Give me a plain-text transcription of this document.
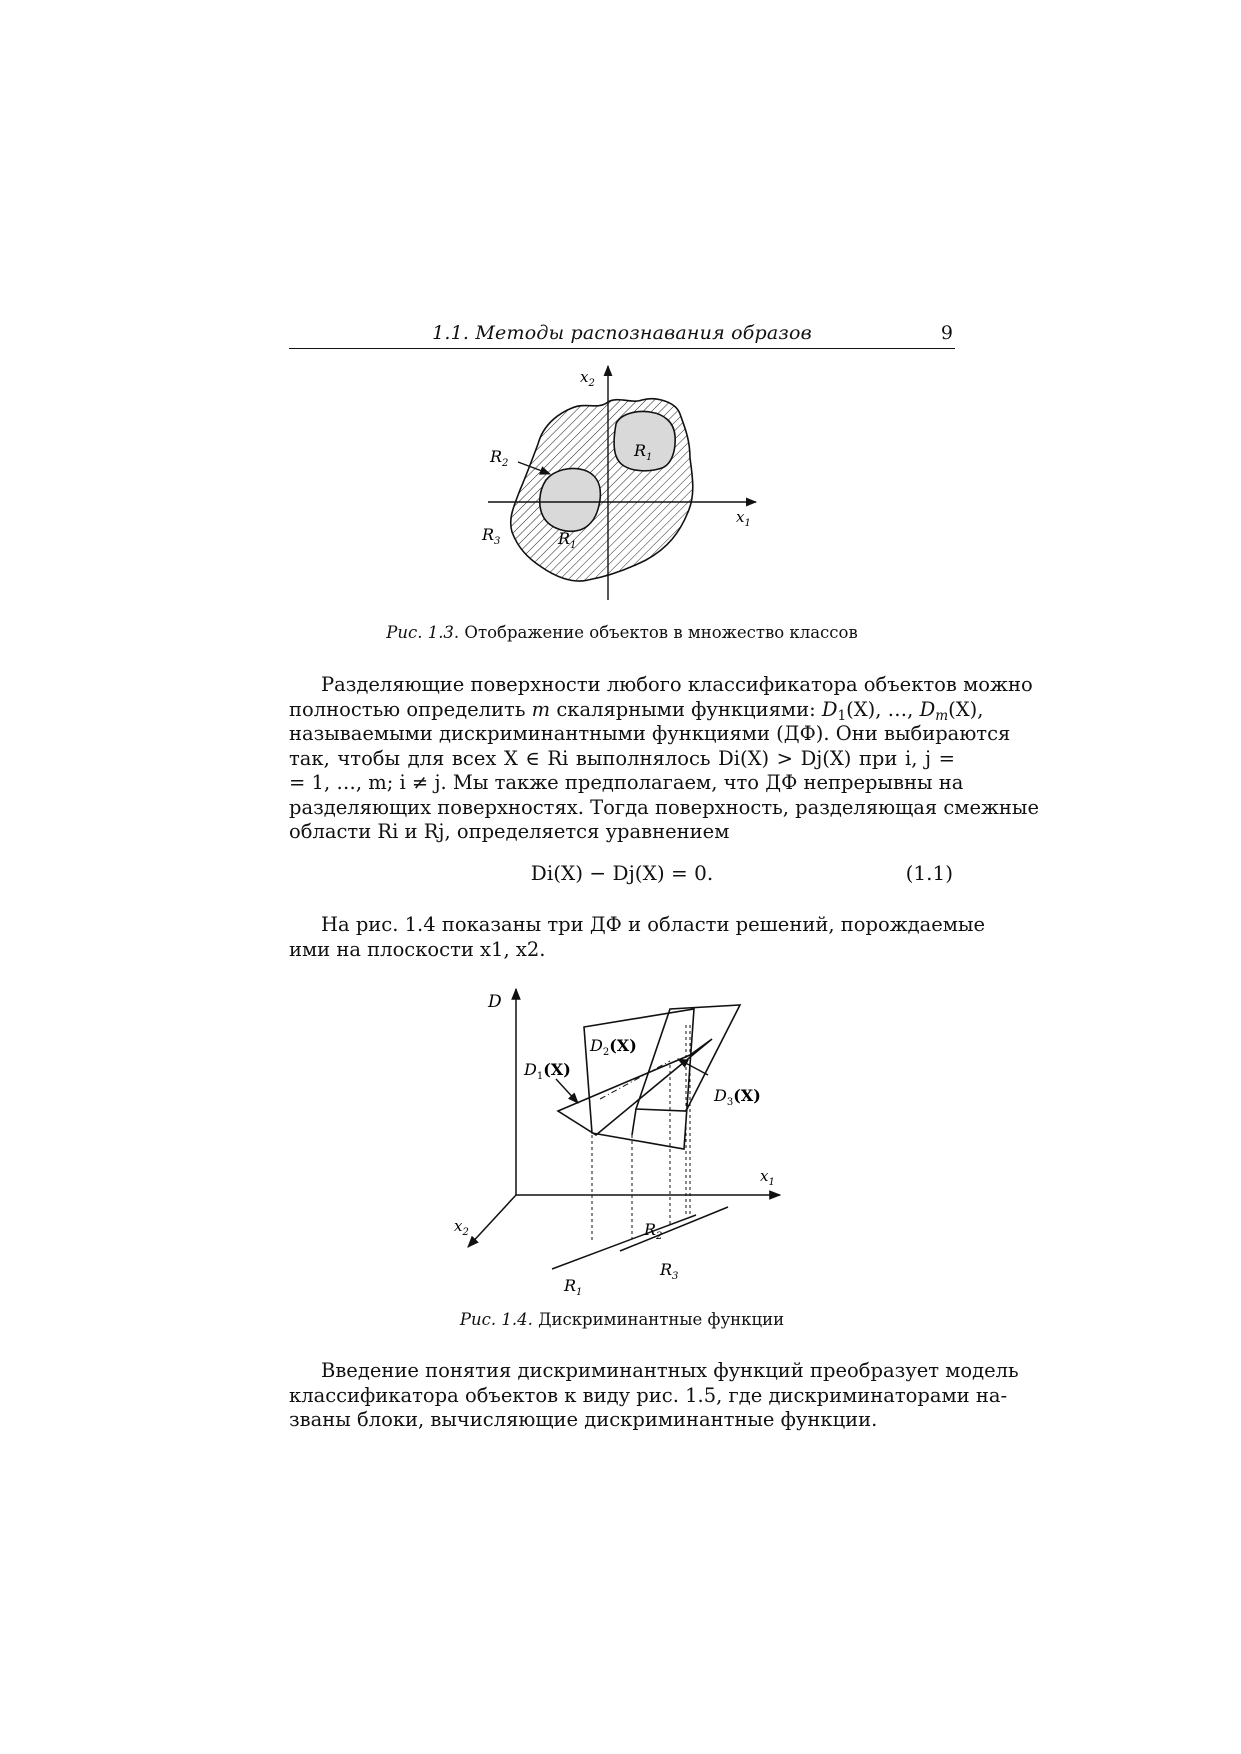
1.1. Методы распознавания образов	9
$x_2$
$x_1$
$R_2$
$R_3$
$R_1$
$R_1$
Рис. 1.3. Отображение объектов в множество классов
Разделяющие поверхности любого классификатора объектов можно
полностью определить m скалярными функциями: $D_1(X)$, …, $D_m(X)$,
называемыми дискриминантными функциями (ДФ). Они выбираются
так, чтобы для всех X ∈ Ri выполнялось Di(X) > Dj(X) при i, j =
= 1, …, m; i ≠ j. Мы также предполагаем, что ДФ непрерывны на
разделяющих поверхностях. Тогда поверхность, разделяющая смежные
области Ri и Rj, определяется уравнением
Di(X) − Dj(X) = 0.	(1.1)
На рис. 1.4 показаны три ДФ и области решений, порождаемые
ими на плоскости x1, x2.
D
$x_1$
$x_2$
$D_2(X)$
$D_1(X)$
$D_3(X)$
$R_1$
$R_2$
$R_3$
Рис. 1.4. Дискриминантные функции
Введение понятия дискриминантных функций преобразует модель
классификатора объектов к виду рис. 1.5, где дискриминаторами на-
званы блоки, вычисляющие дискриминантные функции.
